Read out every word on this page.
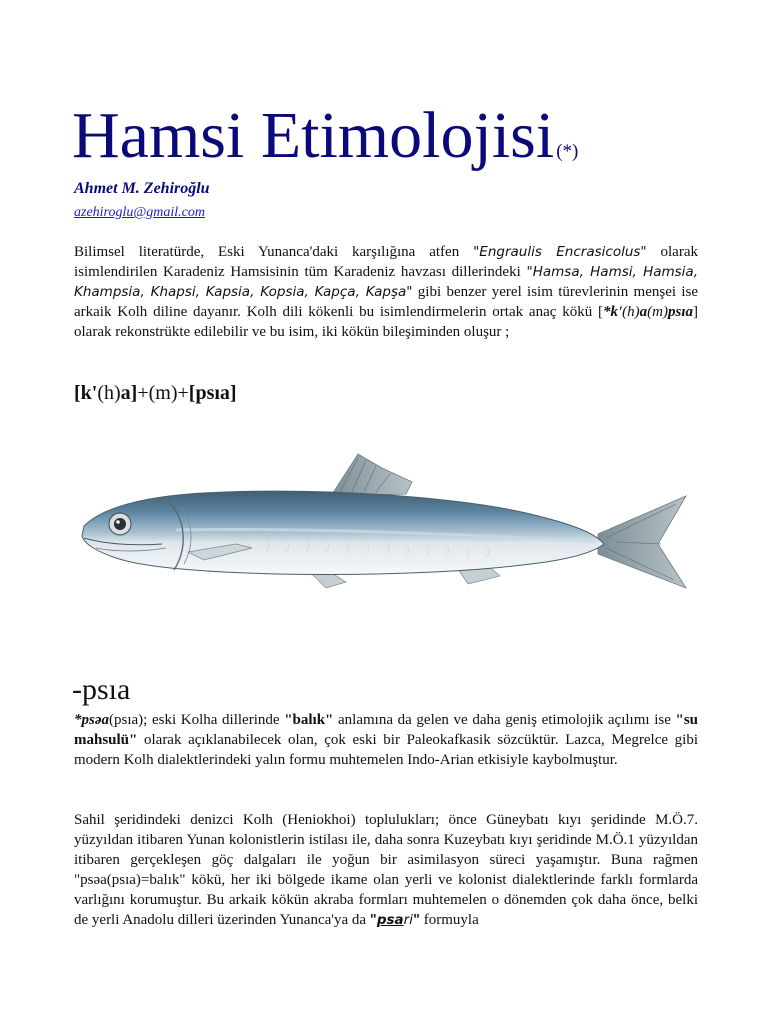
Hamsi Etimolojisi (*)
Ahmet M. Zehiroğlu
azehiroglu@gmail.com

Bilimsel literatürde, Eski Yunanca'daki karşılığına atfen "Engraulis Encrasicolus" olarak isimlendirilen Karadeniz Hamsisinin tüm Karadeniz havzası dillerindeki "Hamsa, Hamsi, Hamsia, Khampsia, Khapsi, Kapsia, Kopsia, Kapça, Kapşa" gibi benzer yerel isim türevlerinin menşei ise arkaik Kolh diline dayanır. Kolh dili kökenli bu isimlendirmelerin ortak anaç kökü [*k'(h)a(m)psıa] olarak rekonstrükte edilebilir ve bu isim, iki kökün bileşiminden oluşur ;

[k'(h)a]+(m)+[psıa]
-psıa

*psəa(psıa); eski Kolha dillerinde "balık" anlamına da gelen ve daha geniş etimolojik açılımı ise "su mahsulü" olarak açıklanabilecek olan, çok eski bir Paleokafkasik sözcüktür. Lazca, Megrelce gibi modern Kolh dialektlerindeki yalın formu muhtemelen Indo-Arian etkisiyle kaybolmuştur.

Sahil şeridindeki denizci Kolh (Heniokhoi) toplulukları; önce Güneybatı kıyı şeridinde M.Ö.7. yüzyıldan itibaren Yunan kolonistlerin istilası ile, daha sonra Kuzeybatı kıyı şeridinde M.Ö.1 yüzyıldan itibaren gerçekleşen göç dalgaları ile yoğun bir asimilasyon süreci yaşamıştır. Buna rağmen "psəa(psıa)=balık" kökü, her iki bölgede ikame olan yerli ve kolonist dialektlerinde farklı formlarda varlığını korumuştur. Bu arkaik kökün akraba formları muhtemelen o dönemden çok daha önce, belki de yerli Anadolu dilleri üzerinden Yunanca'ya da "psari" formuyla
